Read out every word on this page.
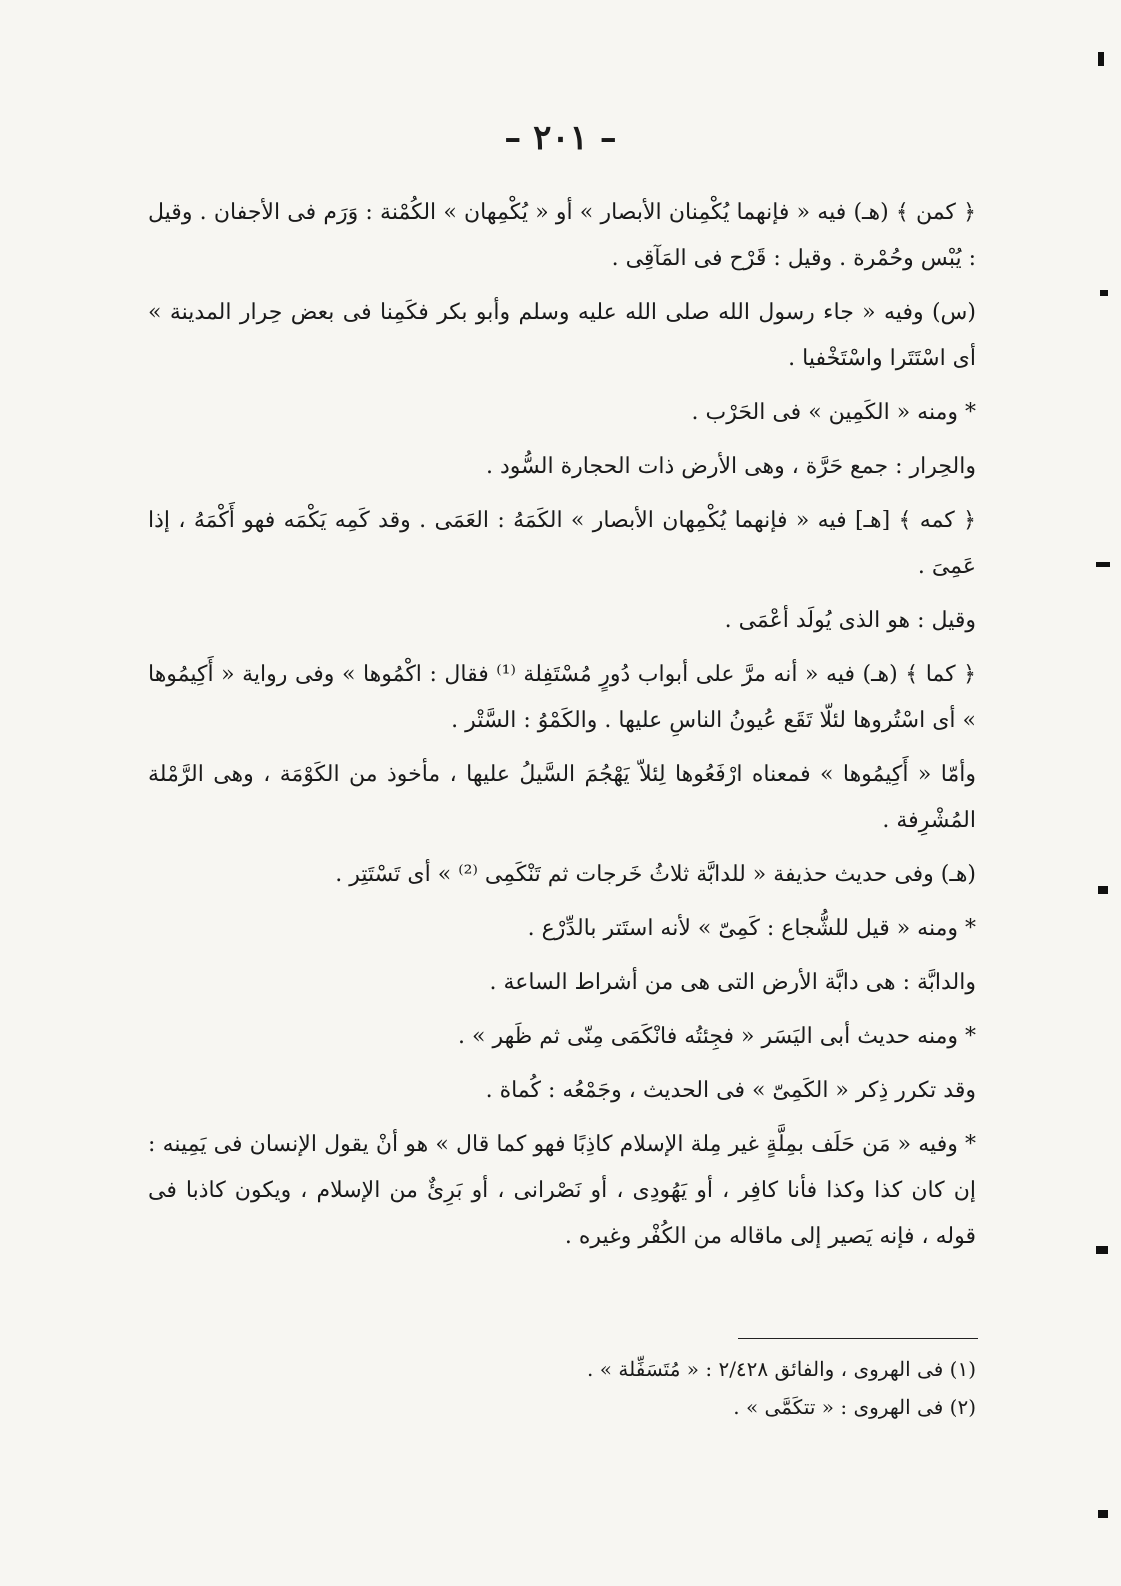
– ٢٠١ –

﴿ كمن ﴾ (هـ) فيه « فإنهما يُكْمِنان الأبصار » أو « يُكْمِهان » الكُمْنة : وَرَم فى الأجفان . وقيل : يُبْس وحُمْرة . وقيل : قَرْح فى المَآقِى .

(س) وفيه « جاء رسول الله صلى الله عليه وسلم وأبو بكر فكَمِنا فى بعض حِرار المدينة » أى اسْتَتَرا واسْتَخْفيا .

* ومنه « الكَمِين » فى الحَرْب .

والحِرار : جمع حَرَّة ، وهى الأرض ذات الحجارة السُّود .

﴿ كمه ﴾ [هـ] فيه « فإنهما يُكْمِهان الأبصار » الكَمَهُ : العَمَى . وقد كَمِه يَكْمَه فهو أَكْمَهُ ، إذا عَمِىَ .

وقيل : هو الذى يُولَد أعْمَى .

﴿ كما ﴾ (هـ) فيه « أنه مرَّ على أبواب دُورٍ مُسْتَفِلة ⁽¹⁾ فقال : اكْمُوها » وفى رواية « أَكِيمُوها » أى اسْتُروها لئلّا تَقَع عُيونُ الناسِ عليها . والكَمْوُ : السَّتْر .

وأمّا « أَكِيمُوها » فمعناه ارْفَعُوها لِئلاّ يَهْجُمَ السَّيلُ عليها ، مأخوذ من الكَوْمَة ، وهى الرَّمْلة المُشْرِفة .

(هـ) وفى حديث حذيفة « للدابَّة ثلاثُ خَرجات ثم تَنْكَمِى ⁽²⁾ » أى تَسْتَتِر .

* ومنه « قيل للشُّجاع : كَمِىّ » لأنه استَتر بالدِّرْع .

والدابَّة : هى دابَّة الأرض التى هى من أشراط الساعة .

* ومنه حديث أبى اليَسَر « فجِئتُه فانْكَمَى مِنّى ثم ظَهر » .

وقد تكرر ذِكر « الكَمِىّ » فى الحديث ، وجَمْعُه : كُماة .

* وفيه « مَن حَلَف بمِلَّةٍ غير مِلة الإسلام كاذِبًا فهو كما قال » هو أنْ يقول الإنسان فى يَمِينه : إن كان كذا وكذا فأنا كافِر ، أو يَهُودِى ، أو نَصْرانى ، أو بَرِئٌ من الإسلام ، ويكون كاذبا فى قوله ، فإنه يَصير إلى ماقاله من الكُفْر وغيره .

(١) فى الهروى ، والفائق ٢/٤٢٨ : « مُتَسَفِّلة » .
(٢) فى الهروى : « تتكَمَّى » .
